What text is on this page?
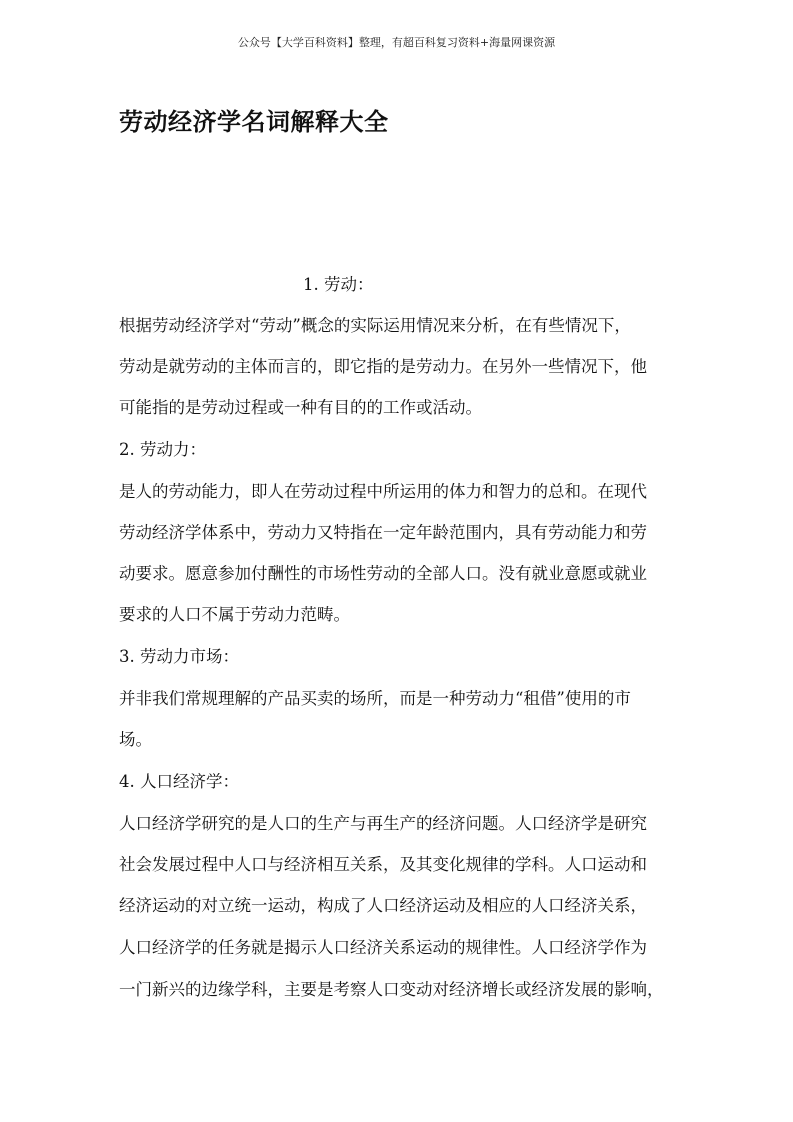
公众号【大学百科资料】整理，有超百科复习资料+海量网课资源
劳动经济学名词解释大全
1. 劳动：
根据劳动经济学对“劳动”概念的实际运用情况来分析，在有些情况下，
劳动是就劳动的主体而言的，即它指的是劳动力。在另外一些情况下，他
可能指的是劳动过程或一种有目的的工作或活动。
2. 劳动力：
是人的劳动能力，即人在劳动过程中所运用的体力和智力的总和。在现代
劳动经济学体系中，劳动力又特指在一定年龄范围内，具有劳动能力和劳
动要求。愿意参加付酬性的市场性劳动的全部人口。没有就业意愿或就业
要求的人口不属于劳动力范畴。
3. 劳动力市场：
并非我们常规理解的产品买卖的场所，而是一种劳动力“租借”使用的市
场。
4. 人口经济学：
人口经济学研究的是人口的生产与再生产的经济问题。人口经济学是研究
社会发展过程中人口与经济相互关系，及其变化规律的学科。人口运动和
经济运动的对立统一运动，构成了人口经济运动及相应的人口经济关系，
人口经济学的任务就是揭示人口经济关系运动的规律性。人口经济学作为
一门新兴的边缘学科，主要是考察人口变动对经济增长或经济发展的影响，
